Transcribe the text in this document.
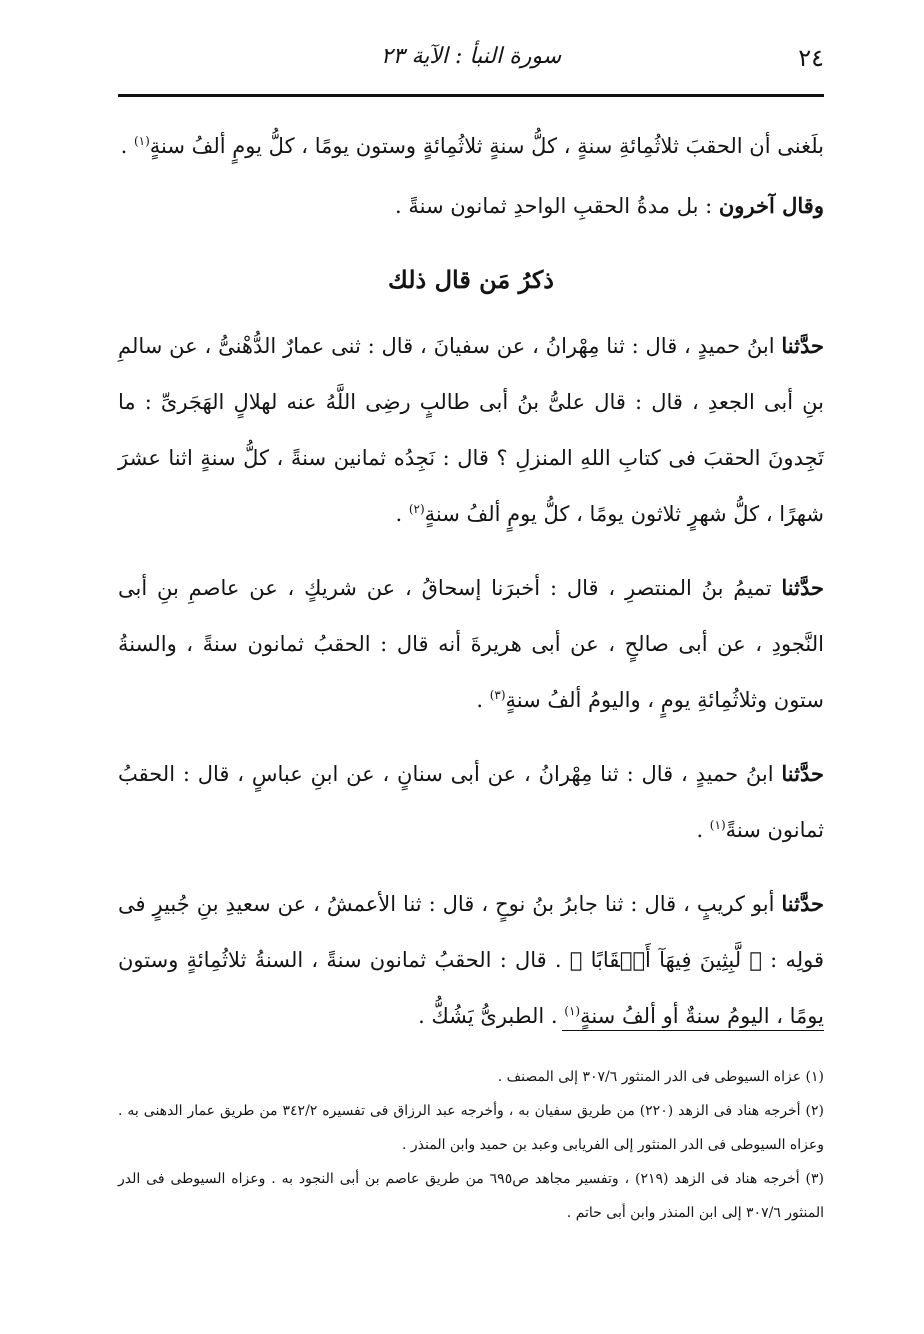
٢٤
سورة النبأ : الآية ٢٣

بلَغنى أن الحقبَ ثلاثُمِائةِ سنةٍ ، كلُّ سنةٍ ثلاثُمِائةٍ وستون يومًا ، كلُّ يومٍ ألفُ سنةٍ$^{(١)}$ .

وقال آخرون : بل مدةُ الحقبِ الواحدِ ثمانون سنةً .

ذكرُ مَن قال ذلك

حدَّثنا ابنُ حميدٍ ، قال : ثنا مِهْرانُ ، عن سفيانَ ، قال : ثنى عمارٌ الدُّهْنىُّ ، عن سالمِ بنِ أبى الجعدِ ، قال : قال علىُّ بنُ أبى طالبٍ رضِى اللَّهُ عنه لهلالٍ الهَجَرىِّ : ما تَجِدونَ الحقبَ فى كتابِ اللهِ المنزلِ ؟ قال : نَجِدُه ثمانين سنةً ، كلُّ سنةٍ اثنا عشرَ شهرًا ، كلُّ شهرٍ ثلاثون يومًا ، كلُّ يومٍ ألفُ سنةٍ$^{(٢)}$ .

حدَّثنا تميمُ بنُ المنتصرِ ، قال : أخبرَنا إسحاقُ ، عن شريكٍ ، عن عاصمِ بنِ أبى النَّجودِ ، عن أبى صالحٍ ، عن أبى هريرةَ أنه قال : الحقبُ ثمانون سنةً ، والسنةُ ستون وثلاثُمِائةِ يومٍ ، واليومُ ألفُ سنةٍ$^{(٣)}$ .

حدَّثنا ابنُ حميدٍ ، قال : ثنا مِهْرانُ ، عن أبى سنانٍ ، عن ابنِ عباسٍ ، قال : الحقبُ ثمانون سنةً$^{(١)}$ .

حدَّثنا أبو كريبٍ ، قال : ثنا جابرُ بنُ نوحٍ ، قال : ثنا الأعمشُ ، عن سعيدِ بنِ جُبيرٍ فى قولِه : ﴿ لَّبِثِينَ فِيهَآ أَحۡقَابًا ﴾ . قال : الحقبُ ثمانون سنةً ، السنةُ ثلاثُمِائةٍ وستون يومًا ، اليومُ سنةٌ أو ألفُ سنةٍ$^{(١)}$ . الطبرىُّ يَشُكُّ .

(١) عزاه السيوطى فى الدر المنثور ٣٠٧/٦ إلى المصنف .

(٢) أخرجه هناد فى الزهد (٢٢٠) من طريق سفيان به ، وأخرجه عبد الرزاق فى تفسيره ٣٤٢/٢ من طريق عمار الدهنى به . وعزاه السيوطى فى الدر المنثور إلى الفريابى وعبد بن حميد وابن المنذر .

(٣) أخرجه هناد فى الزهد (٢١٩) ، وتفسير مجاهد ص٦٩٥ من طريق عاصم بن أبى النجود به . وعزاه السيوطى فى الدر المنثور ٣٠٧/٦ إلى ابن المنذر وابن أبى حاتم .
